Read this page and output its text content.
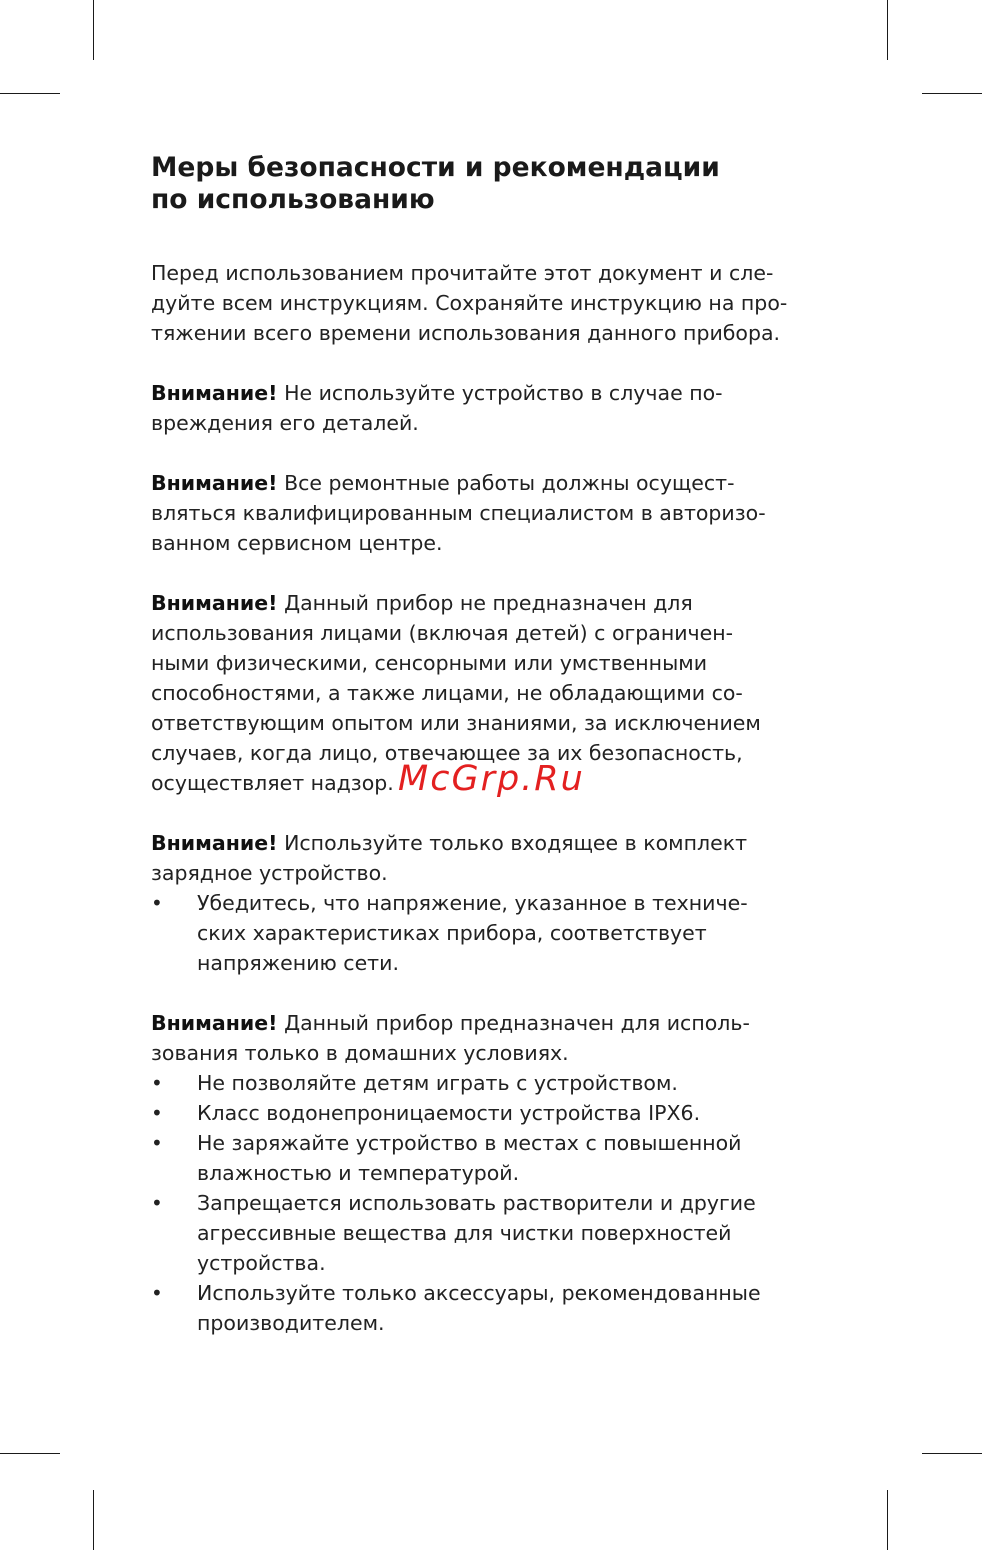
Меры безопасности и рекомендации
по использованию

Перед использованием прочитайте этот документ и сле-
дуйте всем инструкциям. Сохраняйте инструкцию на про-
тяжении всего времени использования данного прибора.

Внимание! Не используйте устройство в случае по-
вреждения его деталей.

Внимание! Все ремонтные работы должны осущест-
вляться квалифицированным специалистом в авторизо-
ванном сервисном центре.

Внимание! Данный прибор не предназначен для
использования лицами (включая детей) с ограничен-
ными физическими, сенсорными или умственными
способностями, а также лицами, не обладающими со-
ответствующим опытом или знаниями, за исключением
случаев, когда лицо, отвечающее за их безопасность,
осуществляет надзор.

Внимание! Используйте только входящее в комплект
зарядное устройство.

• Убедитесь, что напряжение, указанное в техниче-
ских характеристиках прибора, соответствует
напряжению сети.

Внимание! Данный прибор предназначен для исполь-
зования только в домашних условиях.

• Не позволяйте детям играть с устройством.
• Класс водонепроницаемости устройства IPX6.
• Не заряжайте устройство в местах с повышенной
влажностью и температурой.
• Запрещается использовать растворители и другие
агрессивные вещества для чистки поверхностей
устройства.
• Используйте только аксессуары, рекомендованные
производителем.
McGrp.Ru
